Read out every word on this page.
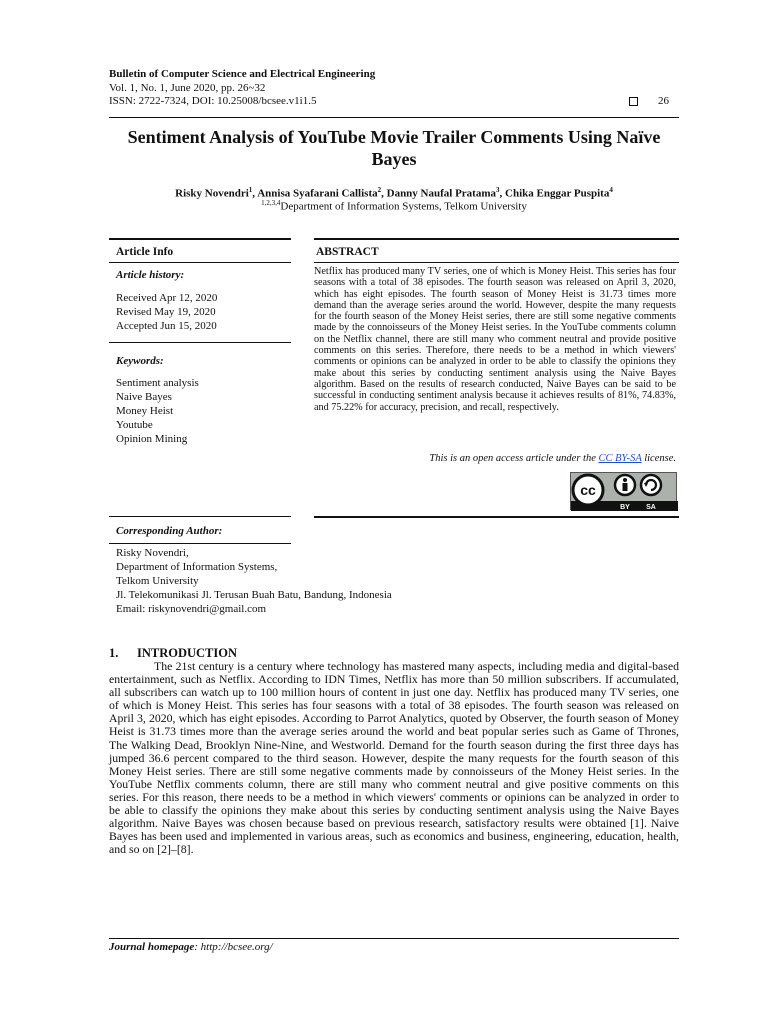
Bulletin of Computer Science and Electrical Engineering
Vol. 1, No. 1, June 2020, pp. 26~32
ISSN: 2722-7324, DOI: 10.25008/bcsee.v1i1.5	26
Sentiment Analysis of YouTube Movie Trailer Comments Using Naïve Bayes
Risky Novendri$^1$, Annisa Syafarani Callista$^2$, Danny Naufal Pratama$^3$, Chika Enggar Puspita$^4$
$^{1,2,3,4}$Department of Information Systems, Telkom University
Article Info	ABSTRACT
Article history:
Received Apr 12, 2020
Revised May 19, 2020
Accepted Jun 15, 2020
Keywords:
Sentiment analysis
Naive Bayes
Money Heist
Youtube
Opinion Mining
Netflix has produced many TV series, one of which is Money Heist. This series has four seasons with a total of 38 episodes. The fourth season was released on April 3, 2020, which has eight episodes. The fourth season of Money Heist is 31.73 times more demand than the average series around the world. However, despite the many requests for the fourth season of the Money Heist series, there are still some negative comments made by the connoisseurs of the Money Heist series. In the YouTube comments column on the Netflix channel, there are still many who comment neutral and provide positive comments on this series. Therefore, there needs to be a method in which viewers' comments or opinions can be analyzed in order to be able to classify the opinions they make about this series by conducting sentiment analysis using the Naive Bayes algorithm. Based on the results of research conducted, Naive Bayes can be said to be successful in conducting sentiment analysis because it achieves results of 81%, 74.83%, and 75.22% for accuracy, precision, and recall, respectively.
This is an open access article under the CC BY-SA license.
cc
BY SA
Corresponding Author:
Risky Novendri,
Department of Information Systems,
Telkom University
Jl. Telekomunikasi Jl. Terusan Buah Batu, Bandung, Indonesia
Email: riskynovendri@gmail.com
1. INTRODUCTION
The 21st century is a century where technology has mastered many aspects, including media and digital-based entertainment, such as Netflix. According to IDN Times, Netflix has more than 50 million subscribers. If accumulated, all subscribers can watch up to 100 million hours of content in just one day. Netflix has produced many TV series, one of which is Money Heist. This series has four seasons with a total of 38 episodes. The fourth season was released on April 3, 2020, which has eight episodes. According to Parrot Analytics, quoted by Observer, the fourth season of Money Heist is 31.73 times more than the average series around the world and beat popular series such as Game of Thrones, The Walking Dead, Brooklyn Nine-Nine, and Westworld. Demand for the fourth season during the first three days has jumped 36.6 percent compared to the third season. However, despite the many requests for the fourth season of this Money Heist series. There are still some negative comments made by connoisseurs of the Money Heist series. In the YouTube Netflix comments column, there are still many who comment neutral and give positive comments on this series. For this reason, there needs to be a method in which viewers' comments or opinions can be analyzed in order to be able to classify the opinions they make about this series by conducting sentiment analysis using the Naive Bayes algorithm. Naive Bayes was chosen because based on previous research, satisfactory results were obtained [1]. Naive Bayes has been used and implemented in various areas, such as economics and business, engineering, education, health, and so on [2]–[8].
Journal homepage: http://bcsee.org/
